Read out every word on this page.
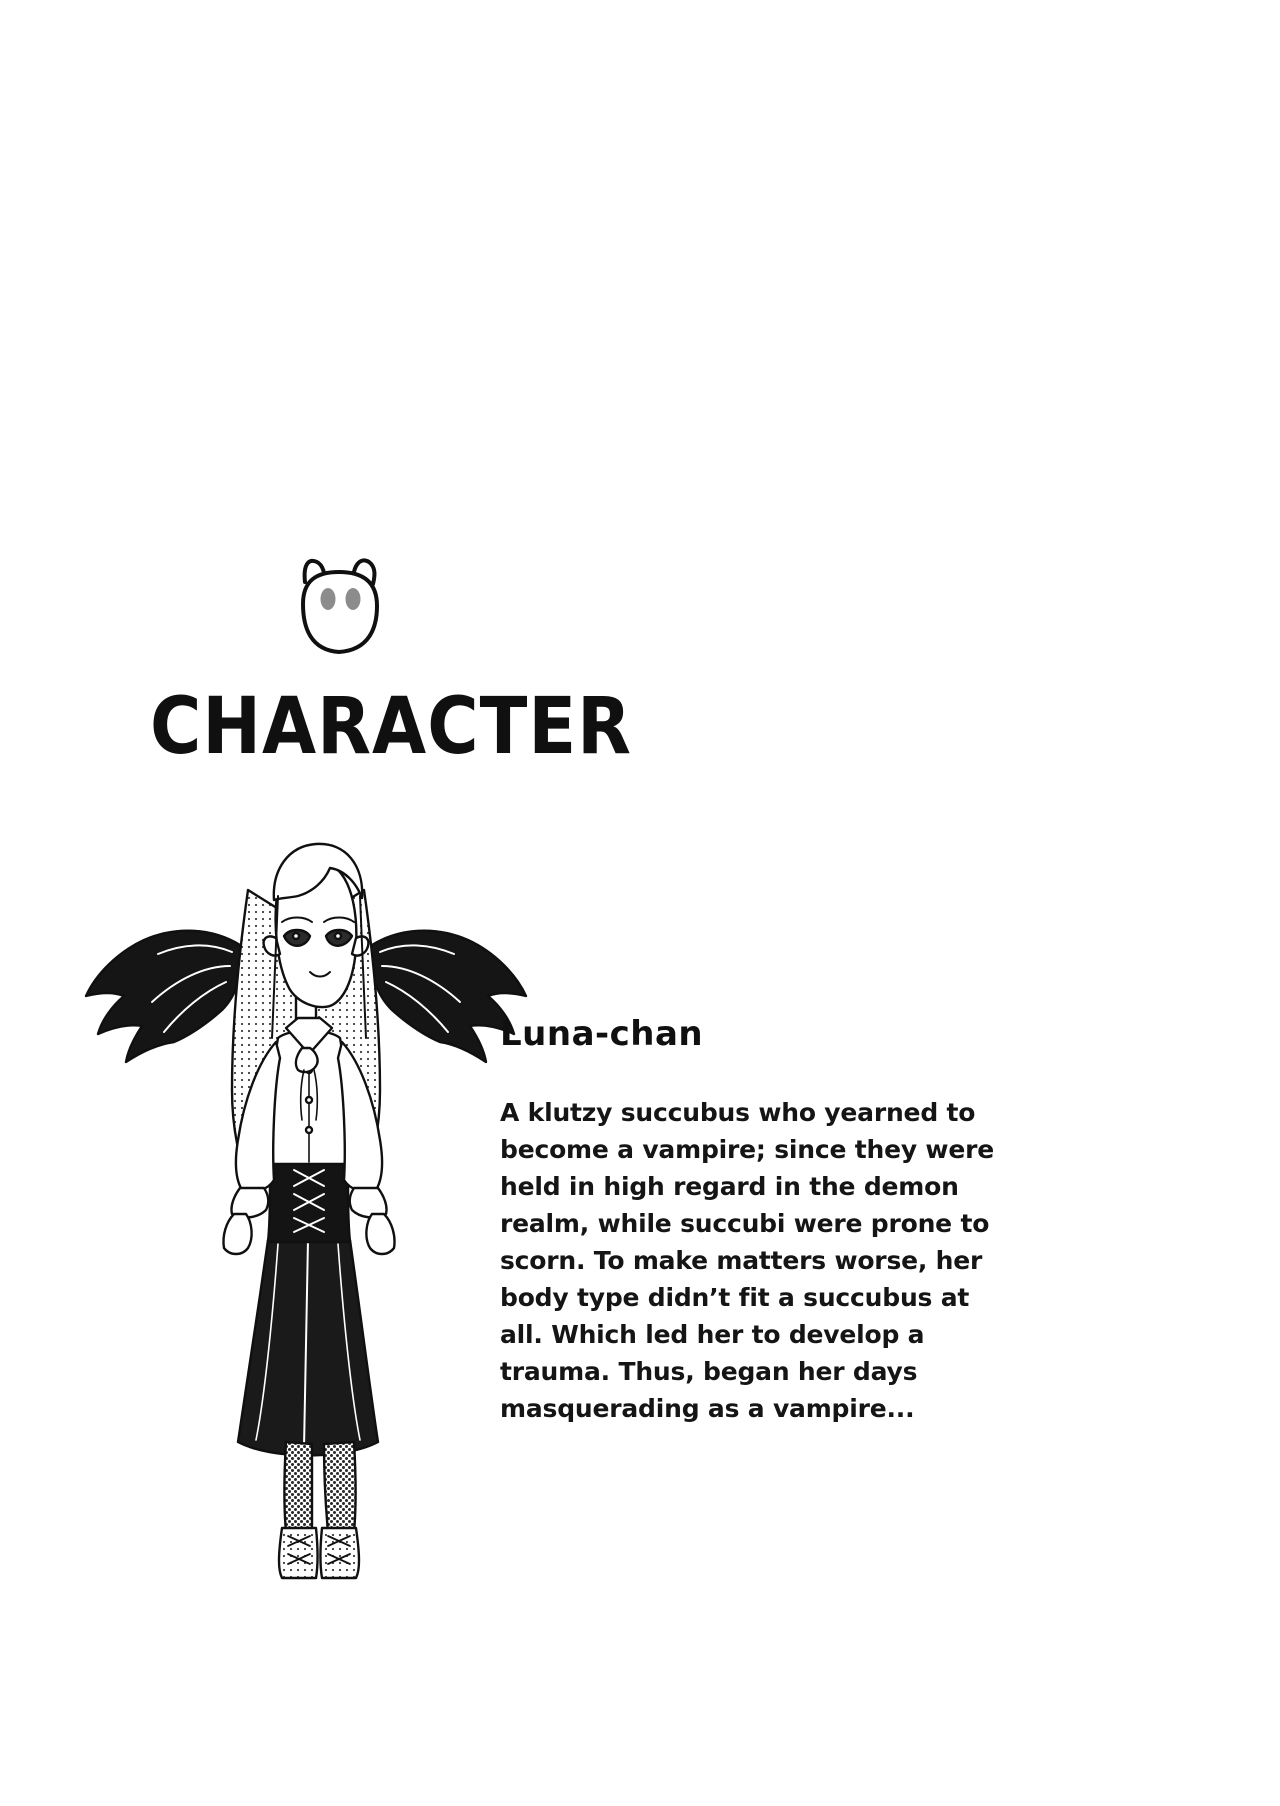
CHARACTER
Luna-chan
A klutzy succubus who yearned to become a vampire; since they were held in high regard in the demon realm, while succubi were prone to scorn. To make matters worse, her body type didn’t fit a succubus at all. Which led her to develop a trauma. Thus, began her days masquerading as a vampire...
